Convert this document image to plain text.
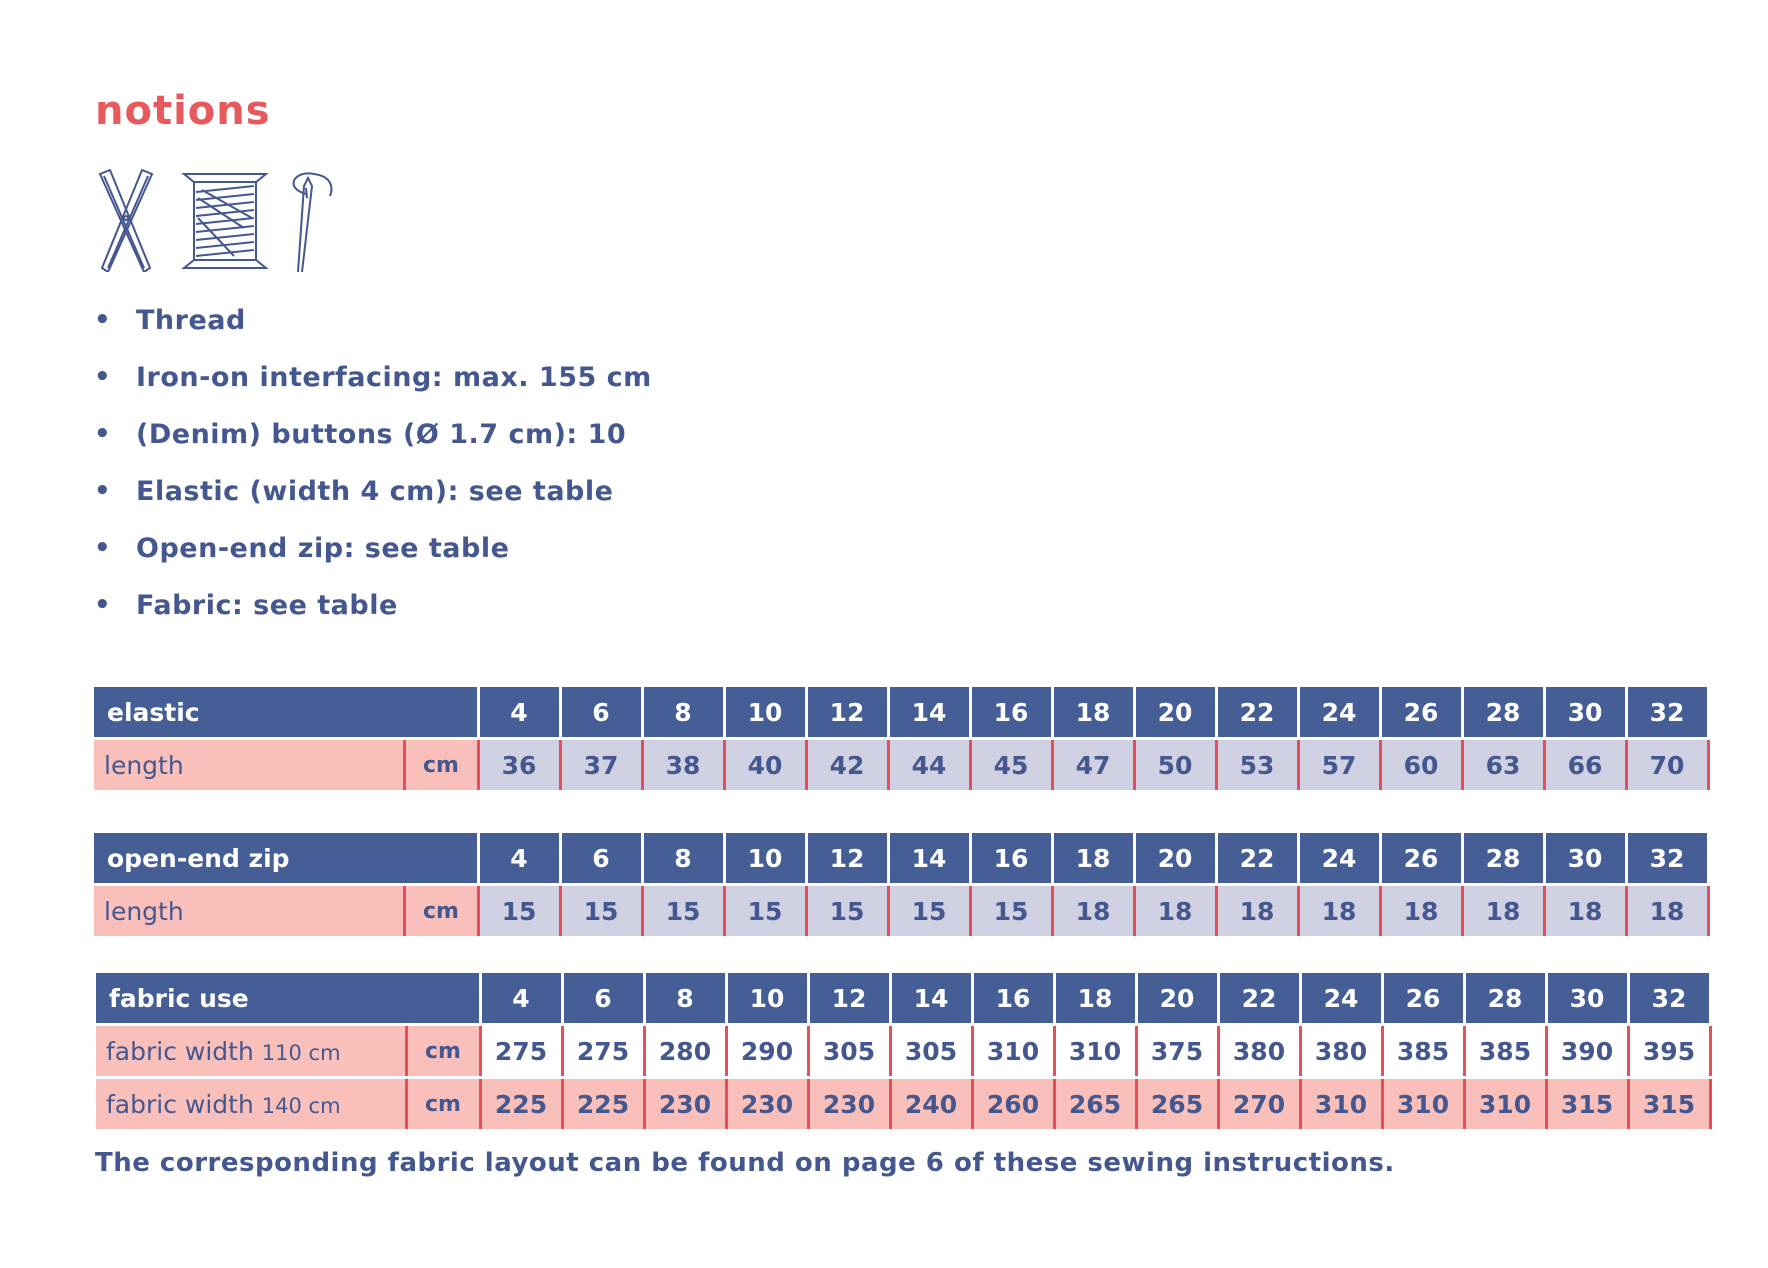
notions
• Thread
• Iron-on interfacing: max. 155 cm
• (Denim) buttons (Ø 1.7 cm): 10
• Elastic (width 4 cm): see table
• Open-end zip: see table
• Fabric: see table
elastic		4	6	8	10	12	14	16	18	20	22	24	26	28	30	32

length	cm	36	37	38	40	42	44	45	47	50	53	57	60	63	66	70
open-end zip		4	6	8	10	12	14	16	18	20	22	24	26	28	30	32

length	cm	15	15	15	15	15	15	15	18	18	18	18	18	18	18	18
fabric use		4	6	8	10	12	14	16	18	20	22	24	26	28	30	32

fabric width 110 cm	cm	275	275	280	290	305	305	310	310	375	380	380	385	385	390	395

fabric width 140 cm	cm	225	225	230	230	230	240	260	265	265	270	310	310	310	315	315
The corresponding fabric layout can be found on page 6 of these sewing instructions.
